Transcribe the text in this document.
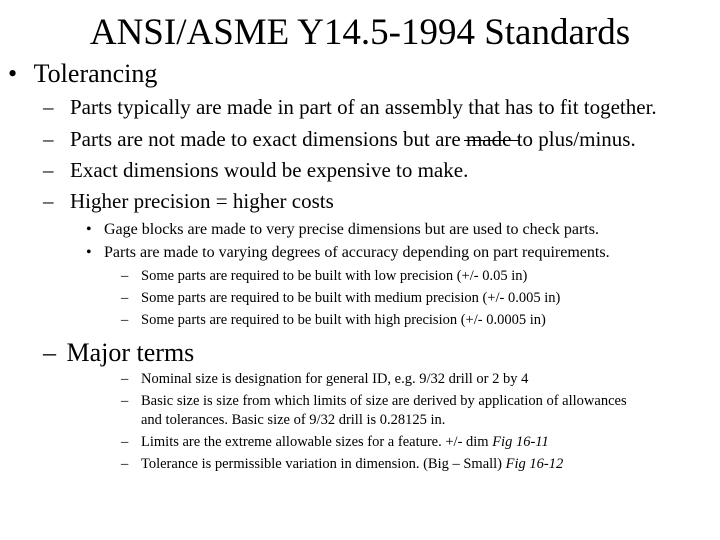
ANSI/ASME Y14.5-1994 Standards
• Tolerancing
– Parts typically are made in part of an assembly that has to fit together.
– Parts are not made to exact dimensions but are made to plus/minus.
– Exact dimensions would be expensive to make.
– Higher precision = higher costs
• Gage blocks are made to very precise dimensions but are used to check parts.
• Parts are made to varying degrees of accuracy depending on part requirements.
– Some parts are required to be built with low precision (+/- 0.05 in)
– Some parts are required to be built with medium precision (+/- 0.005 in)
– Some parts are required to be built with high precision (+/- 0.0005 in)
– Major terms
– Nominal size is designation for general ID, e.g. 9/32 drill or 2 by 4
– Basic size is size from which limits of size are derived by application of allowances
and tolerances. Basic size of 9/32 drill is 0.28125 in.
– Limits are the extreme allowable sizes for a feature. +/- dim Fig 16-11
– Tolerance is permissible variation in dimension. (Big – Small) Fig 16-12
